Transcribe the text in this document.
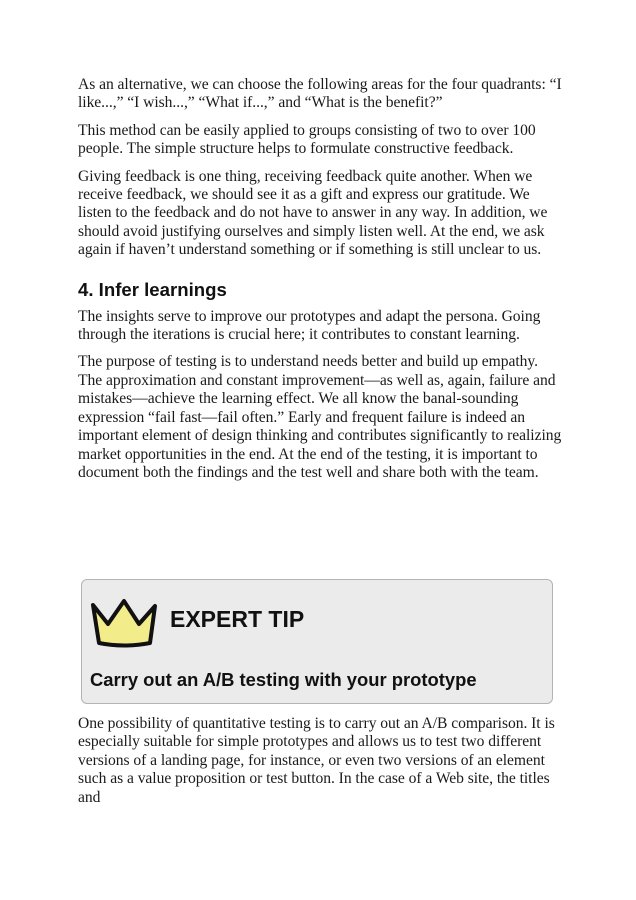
As an alternative, we can choose the following areas for the four quadrants: “I like...,” “I wish...,” “What if...,” and “What is the benefit?”

This method can be easily applied to groups consisting of two to over 100 people. The simple structure helps to formulate constructive feedback.

Giving feedback is one thing, receiving feedback quite another. When we receive feedback, we should see it as a gift and express our gratitude. We listen to the feedback and do not have to answer in any way. In addition, we should avoid justifying ourselves and simply listen well. At the end, we ask again if haven’t understand something or if something is still unclear to us.

4. Infer learnings

The insights serve to improve our prototypes and adapt the persona. Going through the iterations is crucial here; it contributes to constant learning.

The purpose of testing is to understand needs better and build up empathy. The approximation and constant improvement—as well as, again, failure and mistakes—achieve the learning effect. We all know the banal-sounding expression “fail fast—fail often.” Early and frequent failure is indeed an important element of design thinking and contributes significantly to realizing market opportunities in the end. At the end of the testing, it is important to document both the findings and the test well and share both with the team.

EXPERT TIP
Carry out an A/B testing with your prototype

One possibility of quantitative testing is to carry out an A/B comparison. It is especially suitable for simple prototypes and allows us to test two different versions of a landing page, for instance, or even two versions of an element such as a value proposition or test button. In the case of a Web site, the titles and
